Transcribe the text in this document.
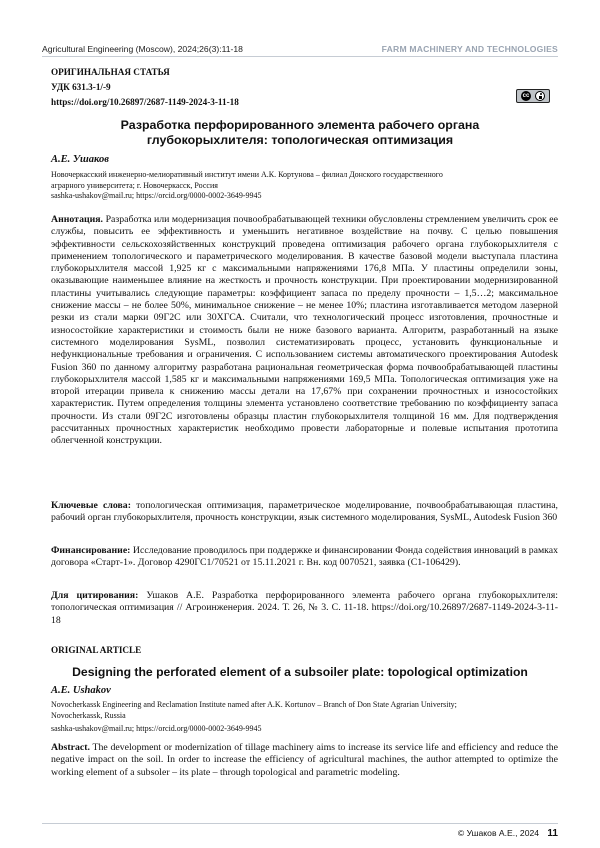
Agricultural Engineering (Moscow), 2024;26(3):11-18	FARM MACHINERY AND TECHNOLOGIES
ОРИГИНАЛЬНАЯ СТАТЬЯ
УДК 631.3-1/-9
https://doi.org/10.26897/2687-1149-2024-3-11-18
cc
Разработка перфорированного элемента рабочего органа
глубокорыхлителя: топологическая оптимизация
А.Е. Ушаков
Новочеркасский инженерно-мелиоративный институт имени А.К. Кортунова – филиал Донского государственного
аграрного университета; г. Новочеркасск, Россия
sashka-ushakov@mail.ru; https://orcid.org/0000-0002-3649-9945
Аннотация. Разработка или модернизация почвообрабатывающей техники обусловлены стремлением увеличить срок ее службы, повысить ее эффективность и уменьшить негативное воздействие на почву. С целью повышения эффективности сельскохозяйственных конструкций проведена оптимизация рабочего органа глубокорыхлителя с применением топологического и параметрического моделирования. В качестве базовой модели выступала пластина глубокорыхлителя массой 1,925 кг с максимальными напряжениями 176,8 МПа. У пластины определили зоны, оказывающие наименьшее влияние на жесткость и прочность конструкции. При проектировании модернизированной пластины учитывались следующие параметры: коэффициент запаса по пределу прочности – 1,5…2; максимальное снижение массы – не более 50%, минимальное снижение – не менее 10%; пластина изготавливается методом лазерной резки из стали марки 09Г2С или 30ХГСА. Считали, что технологический процесс изготовления, прочностные и износостойкие характеристики и стоимость были не ниже базового варианта. Алгоритм, разработанный на языке системного моделирования SysML, позволил систематизировать процесс, установить функциональные и нефункциональные требования и ограничения. С использованием системы автоматического проектирования Autodesk Fusion 360 по данному алгоритму разработана рациональная геометрическая форма почвообрабатывающей пластины глубокорыхлителя массой 1,585 кг и максимальными напряжениями 169,5 МПа. Топологическая оптимизация уже на второй итерации привела к снижению массы детали на 17,67% при сохранении прочностных и износостойких характеристик. Путем определения толщины элемента установлено соответствие требованию по коэффициенту запаса прочности. Из стали 09Г2С изготовлены образцы пластин глубокорыхлителя толщиной 16 мм. Для подтверждения рассчитанных прочностных характеристик необходимо провести лабораторные и полевые испытания прототипа облегченной конструкции.
Ключевые слова: топологическая оптимизация, параметрическое моделирование, почвообрабатывающая пластина, рабочий орган глубокорыхлителя, прочность конструкции, язык системного моделирования, SysML, Autodesk Fusion 360
Финансирование: Исследование проводилось при поддержке и финансировании Фонда содействия инноваций в рамках договора «Старт-1». Договор 4290ГС1/70521 от 15.11.2021 г. Вн. код 0070521, заявка (С1-106429).
Для цитирования: Ушаков А.Е. Разработка перфорированного элемента рабочего органа глубокорыхлителя: топологическая оптимизация // Агроинженерия. 2024. Т. 26, № 3. С. 11-18. https://doi.org/10.26897/2687-1149-2024-3-11-18
ORIGINAL ARTICLE
Designing the perforated element of a subsoiler plate: topological optimization
A.E. Ushakov
Novocherkassk Engineering and Reclamation Institute named after A.K. Kortunov – Branch of Don State Agrarian University;
Novocherkassk, Russia
sashka-ushakov@mail.ru; https://orcid.org/0000-0002-3649-9945
Abstract. The development or modernization of tillage machinery aims to increase its service life and efficiency and reduce the negative impact on the soil. In order to increase the efficiency of agricultural machines, the author attempted to optimize the working element of a subsoler – its plate – through topological and parametric modeling.
© Ушаков А.Е., 2024 11
